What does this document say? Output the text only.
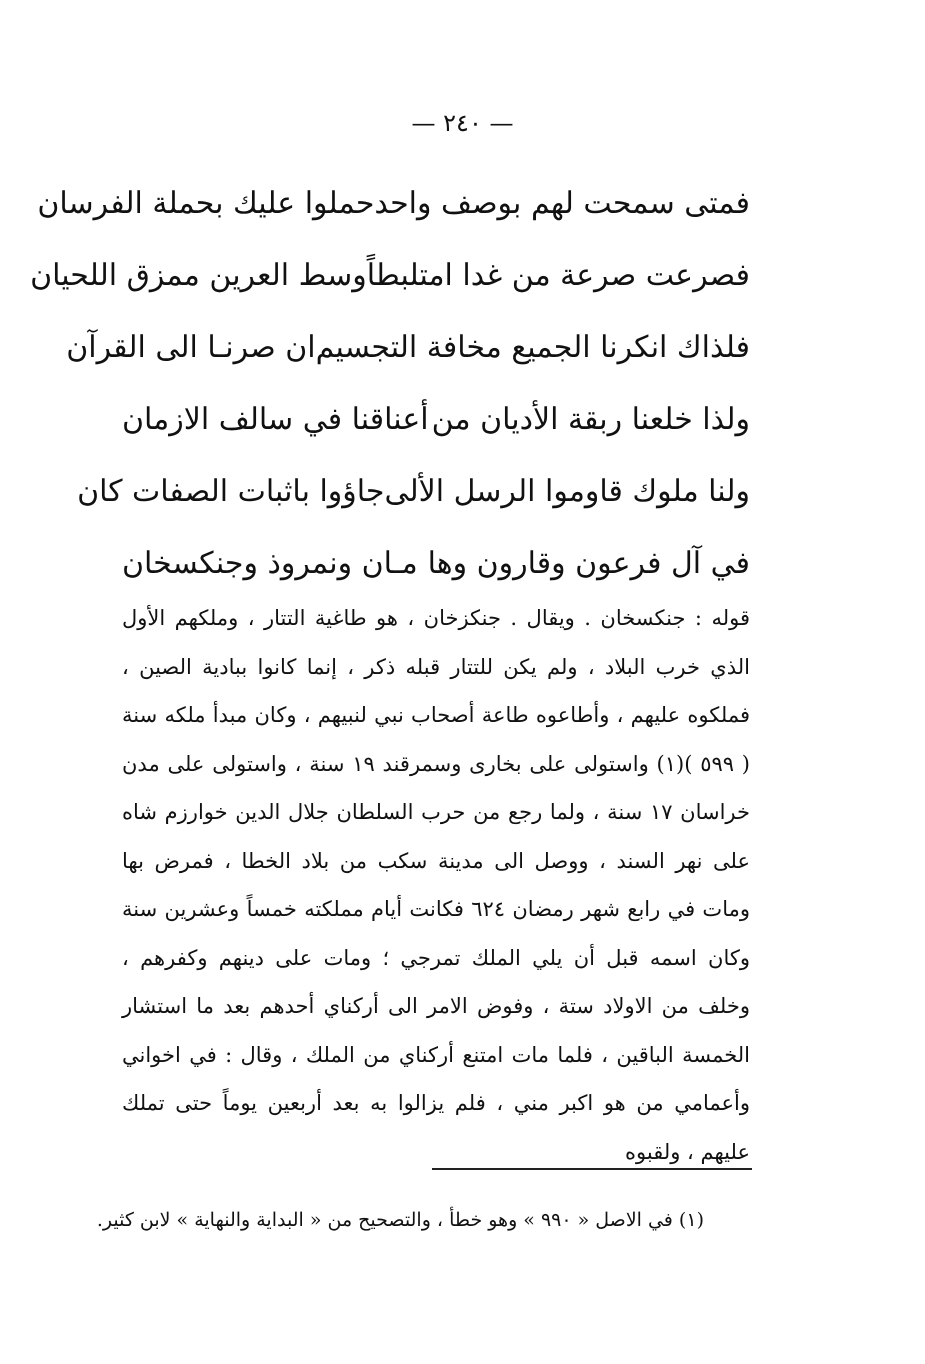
— ٢٤٠ —
فمتى سمحت لهم بوصف واحد
حملوا عليك بحملة الفرسان
فصرعت صرعة من غدا امتلبطاً
وسط العرين ممزق اللحيان
فلذاك انكرنا الجميع مخافة التجسيم
ان صرنـا الى القرآن
ولذا خلعنا ربقة الأديان من
أعناقنا في سالف الازمان
ولنا ملوك قاوموا الرسل الألى
جاؤوا باثبات الصفات كان
في آل فرعون وقارون وها
مـان ونمروذ وجنكسخان

قوله : جنكسخان . ويقال . جنكزخان ، هو طاغية التتار ، وملكهم الأول الذي خرب البلاد ، ولم يكن للتتار قبله ذكر ، إنما كانوا ببادية الصين ، فملكوه عليهم ، وأطاعوه طاعة أصحاب نبي لنبيهم ، وكان مبدأ ملكه سنة ( ٥٩٩ )(١) واستولى على بخارى وسمرقند ١٩ سنة ، واستولى على مدن خراسان ١٧ سنة ، ولما رجع من حرب السلطان جلال الدين خوارزم شاه على نهر السند ، ووصل الى مدينة سكب من بلاد الخطا ، فمرض بها ومات في رابع شهر رمضان ٦٢٤ فكانت أيام مملكته خمساً وعشرين سنة وكان اسمه قبل أن يلي الملك تمرجي ؛ ومات على دينهم وكفرهم ، وخلف من الاولاد ستة ، وفوض الامر الى أركناي أحدهم بعد ما استشار الخمسة الباقين ، فلما مات امتنع أركناي من الملك ، وقال : في اخواني وأعمامي من هو اكبر مني ، فلم يزالوا به بعد أربعين يوماً حتى تملك عليهم ، ولقبوه

(١) في الاصل « ٩٩٠ » وهو خطأ ، والتصحيح من « البداية والنهاية » لابن كثير.
